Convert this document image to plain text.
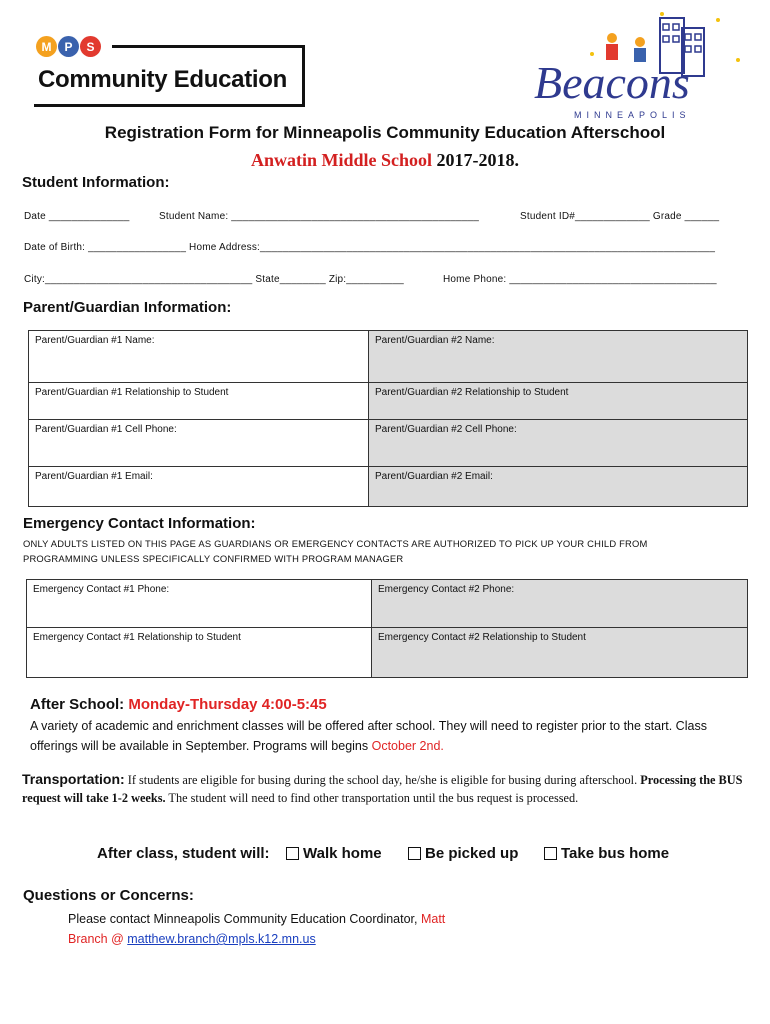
M	P	S
Community Education	Beacons
MINNEAPOLIS
Registration Form for Minneapolis Community Education Afterschool
Anwatin Middle School 2017-2018.
Student Information:
Date ______________	Student Name: ___________________________________________	Student ID#_____________ Grade ______
Date of Birth: _________________ Home Address:_______________________________________________________________________________
City:____________________________________ State________ Zip:__________	Home Phone: ____________________________________
Parent/Guardian Information:
Parent/Guardian #1 Name:	Parent/Guardian #2 Name:
Parent/Guardian #1 Relationship to Student	Parent/Guardian #2 Relationship to Student
Parent/Guardian #1 Cell Phone:	Parent/Guardian #2 Cell Phone:
Parent/Guardian #1 Email:	Parent/Guardian #2 Email:
Emergency Contact Information:
ONLY ADULTS LISTED ON THIS PAGE AS GUARDIANS OR EMERGENCY CONTACTS ARE AUTHORIZED TO PICK UP YOUR CHILD FROM
PROGRAMMING UNLESS SPECIFICALLY CONFIRMED WITH PROGRAM MANAGER
Emergency Contact #1 Phone:	Emergency Contact #2 Phone:
Emergency Contact #1 Relationship to Student	Emergency Contact #2 Relationship to Student
After School: Monday-Thursday 4:00-5:45
A variety of academic and enrichment classes will be offered after school. They will need to register prior to the start. Class offerings will be available in September. Programs will begins October 2nd.
Transportation: If students are eligible for busing during the school day, he/she is eligible for busing during afterschool. Processing the BUS request will take 1-2 weeks. The student will need to find other transportation until the bus request is processed.
After class, student will: Walk home	Be picked up	Take bus home
Questions or Concerns:
Please contact Minneapolis Community Education Coordinator, Matt
Branch @ matthew.branch@mpls.k12.mn.us
